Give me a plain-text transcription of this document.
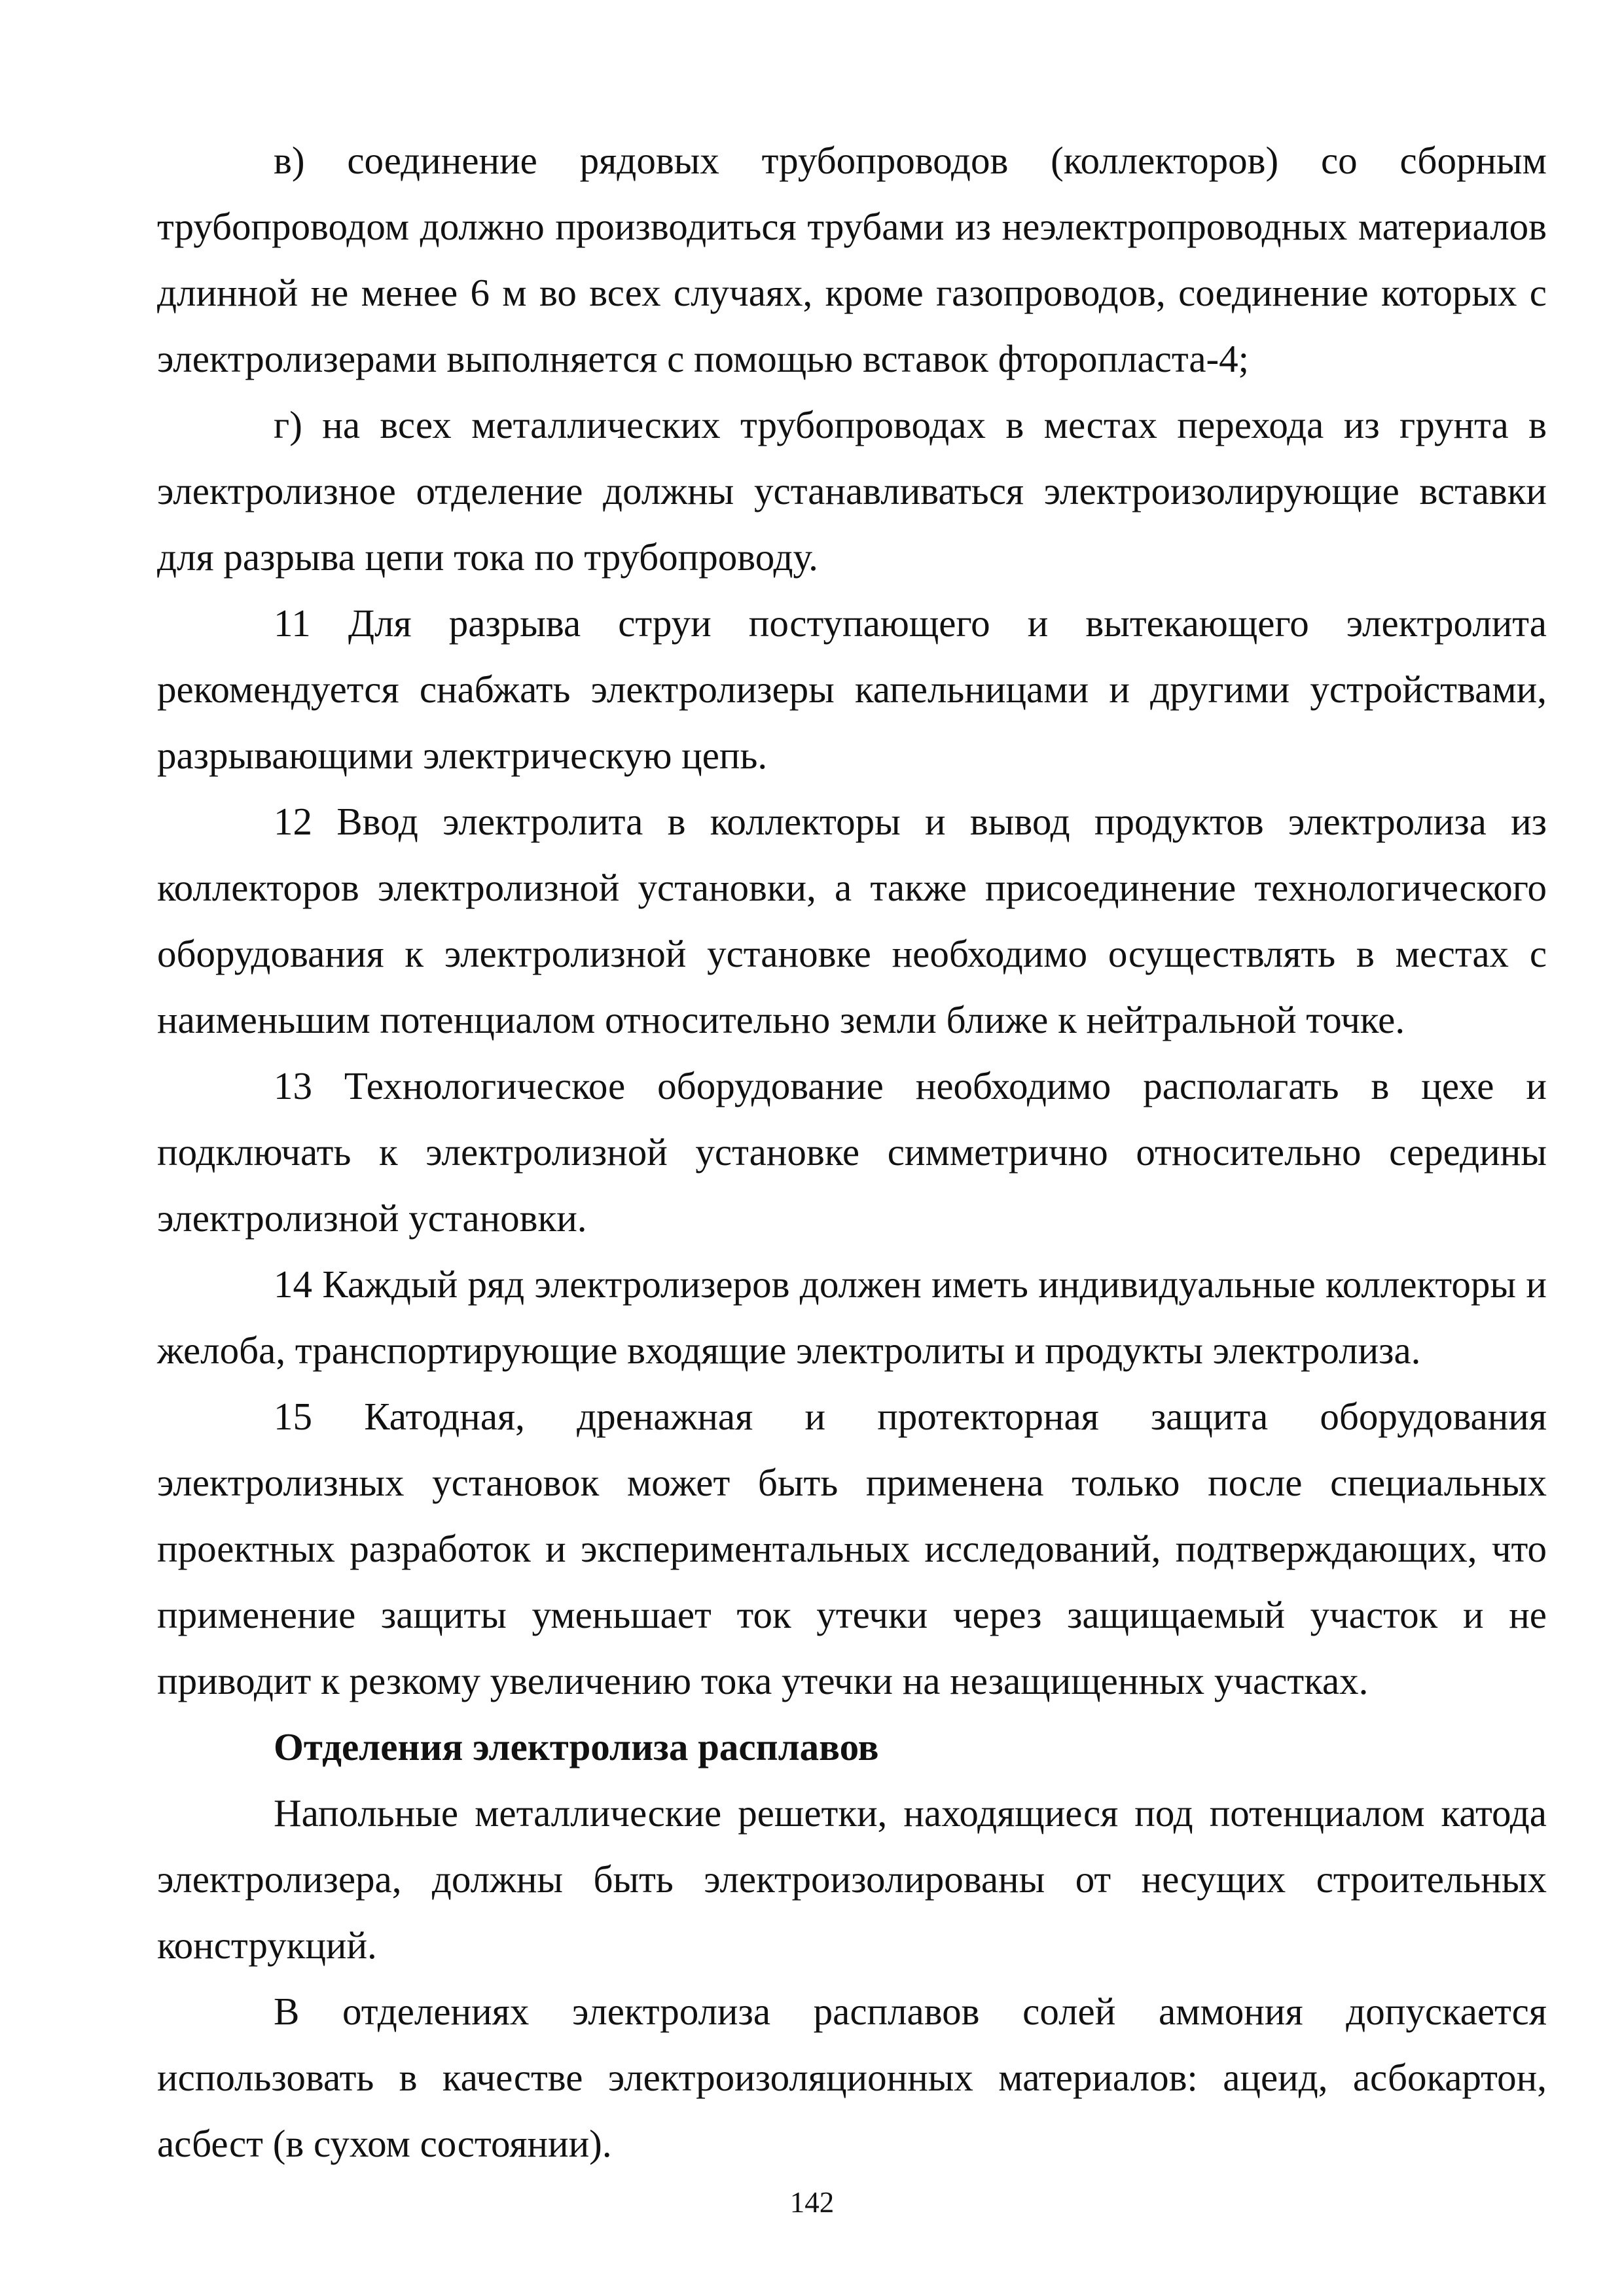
в) соединение рядовых трубопроводов (коллекторов) со сборным трубопроводом должно производиться трубами из неэлектропроводных материалов длинной не менее 6 м во всех случаях, кроме газопроводов, соединение которых с электролизерами выполняется с помощью вставок фторопласта-4;

г) на всех металлических трубопроводах в местах перехода из грунта в электролизное отделение должны устанавливаться электроизолирующие вставки для разрыва цепи тока по трубопроводу.

11 Для разрыва струи поступающего и вытекающего электролита рекомендуется снабжать электролизеры капельницами и другими устройствами, разрывающими электрическую цепь.

12 Ввод электролита в коллекторы и вывод продуктов электролиза из коллекторов электролизной установки, а также присоединение технологического оборудования к электролизной установке необходимо осуществлять в местах с наименьшим потенциалом относительно земли ближе к нейтральной точке.

13 Технологическое оборудование необходимо располагать в цехе и подключать к электролизной установке симметрично относительно середины электролизной установки.

14 Каждый ряд электролизеров должен иметь индивидуальные коллекторы и желоба, транспортирующие входящие электролиты и продукты электролиза.

15 Катодная, дренажная и протекторная защита оборудования электролизных установок может быть применена только после специальных проектных разработок и экспериментальных исследований, подтверждающих, что применение защиты уменьшает ток утечки через защищаемый участок и не приводит к резкому увеличению тока утечки на незащищенных участках.

Отделения электролиза расплавов

Напольные металлические решетки, находящиеся под потенциалом катода электролизера, должны быть электроизолированы от несущих строительных конструкций.

В отделениях электролиза расплавов солей аммония допускается использовать в качестве электроизоляционных материалов: ацеид, асбокартон, асбест (в сухом состоянии).

142
